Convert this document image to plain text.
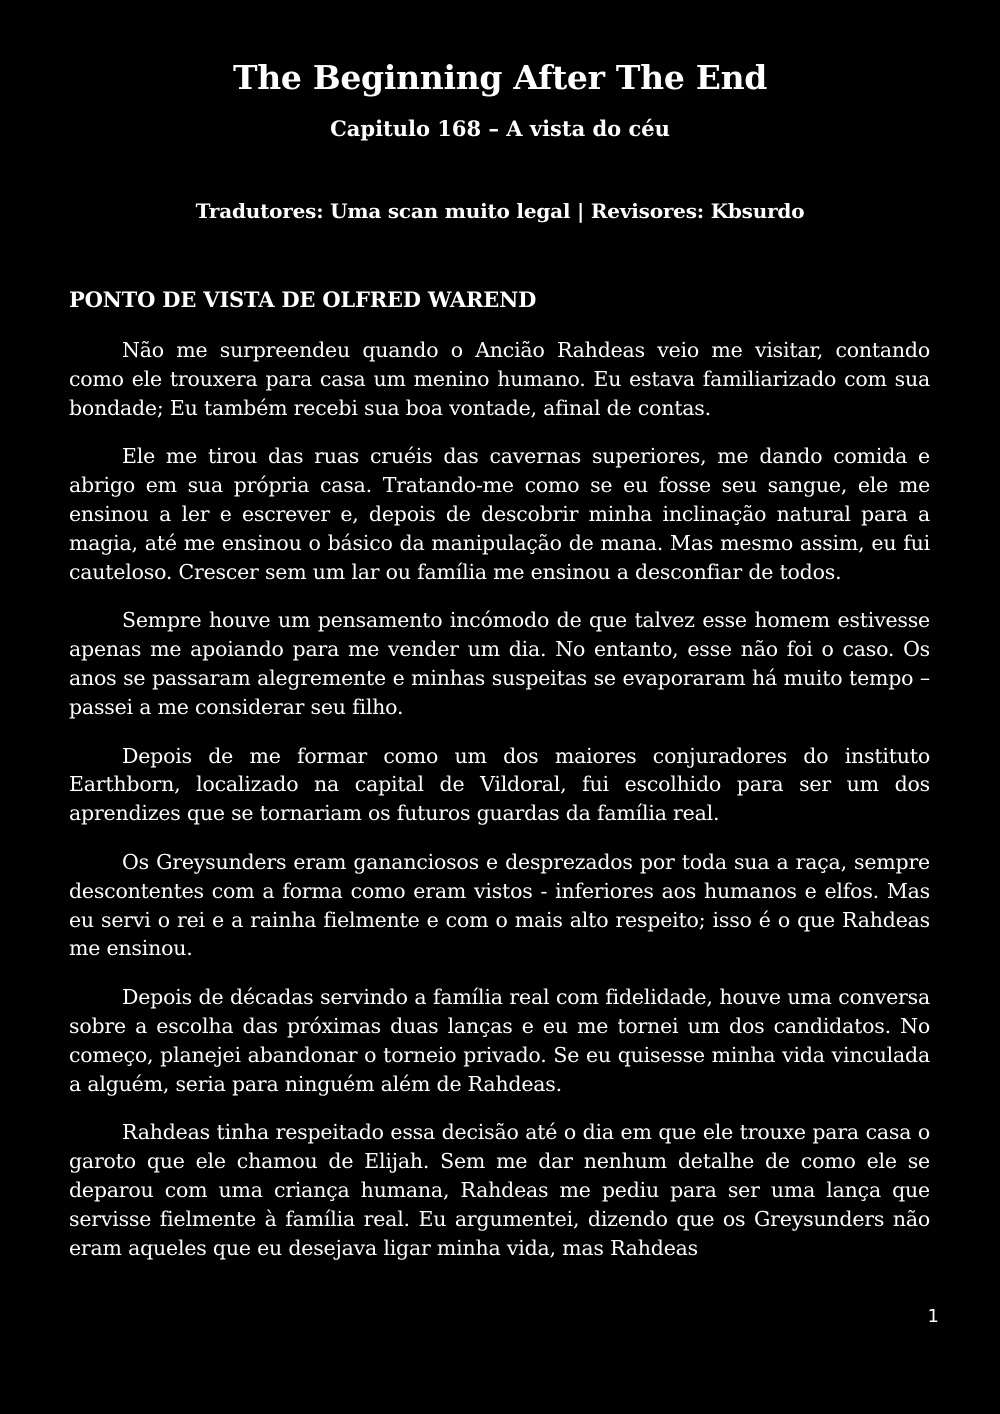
The Beginning After The End
Capitulo 168 – A vista do céu

Tradutores: Uma scan muito legal | Revisores: Kbsurdo

PONTO DE VISTA DE OLFRED WAREND

Não me surpreendeu quando o Ancião Rahdeas veio me visitar, contando como ele trouxera para casa um menino humano. Eu estava familiarizado com sua bondade; Eu também recebi sua boa vontade, afinal de contas.

Ele me tirou das ruas cruéis das cavernas superiores, me dando comida e abrigo em sua própria casa. Tratando-me como se eu fosse seu sangue, ele me ensinou a ler e escrever e, depois de descobrir minha inclinação natural para a magia, até me ensinou o básico da manipulação de mana. Mas mesmo assim, eu fui cauteloso. Crescer sem um lar ou família me ensinou a desconfiar de todos.

Sempre houve um pensamento incómodo de que talvez esse homem estivesse apenas me apoiando para me vender um dia. No entanto, esse não foi o caso. Os anos se passaram alegremente e minhas suspeitas se evaporaram há muito tempo – passei a me considerar seu filho.

Depois de me formar como um dos maiores conjuradores do instituto Earthborn, localizado na capital de Vildoral, fui escolhido para ser um dos aprendizes que se tornariam os futuros guardas da família real.

Os Greysunders eram gananciosos e desprezados por toda sua a raça, sempre descontentes com a forma como eram vistos - inferiores aos humanos e elfos. Mas eu servi o rei e a rainha fielmente e com o mais alto respeito; isso é o que Rahdeas me ensinou.

Depois de décadas servindo a família real com fidelidade, houve uma conversa sobre a escolha das próximas duas lanças e eu me tornei um dos candidatos. No começo, planejei abandonar o torneio privado. Se eu quisesse minha vida vinculada a alguém, seria para ninguém além de Rahdeas.

Rahdeas tinha respeitado essa decisão até o dia em que ele trouxe para casa o garoto que ele chamou de Elijah. Sem me dar nenhum detalhe de como ele se deparou com uma criança humana, Rahdeas me pediu para ser uma lança que servisse fielmente à família real. Eu argumentei, dizendo que os Greysunders não eram aqueles que eu desejava ligar minha vida, mas Rahdeas

1
